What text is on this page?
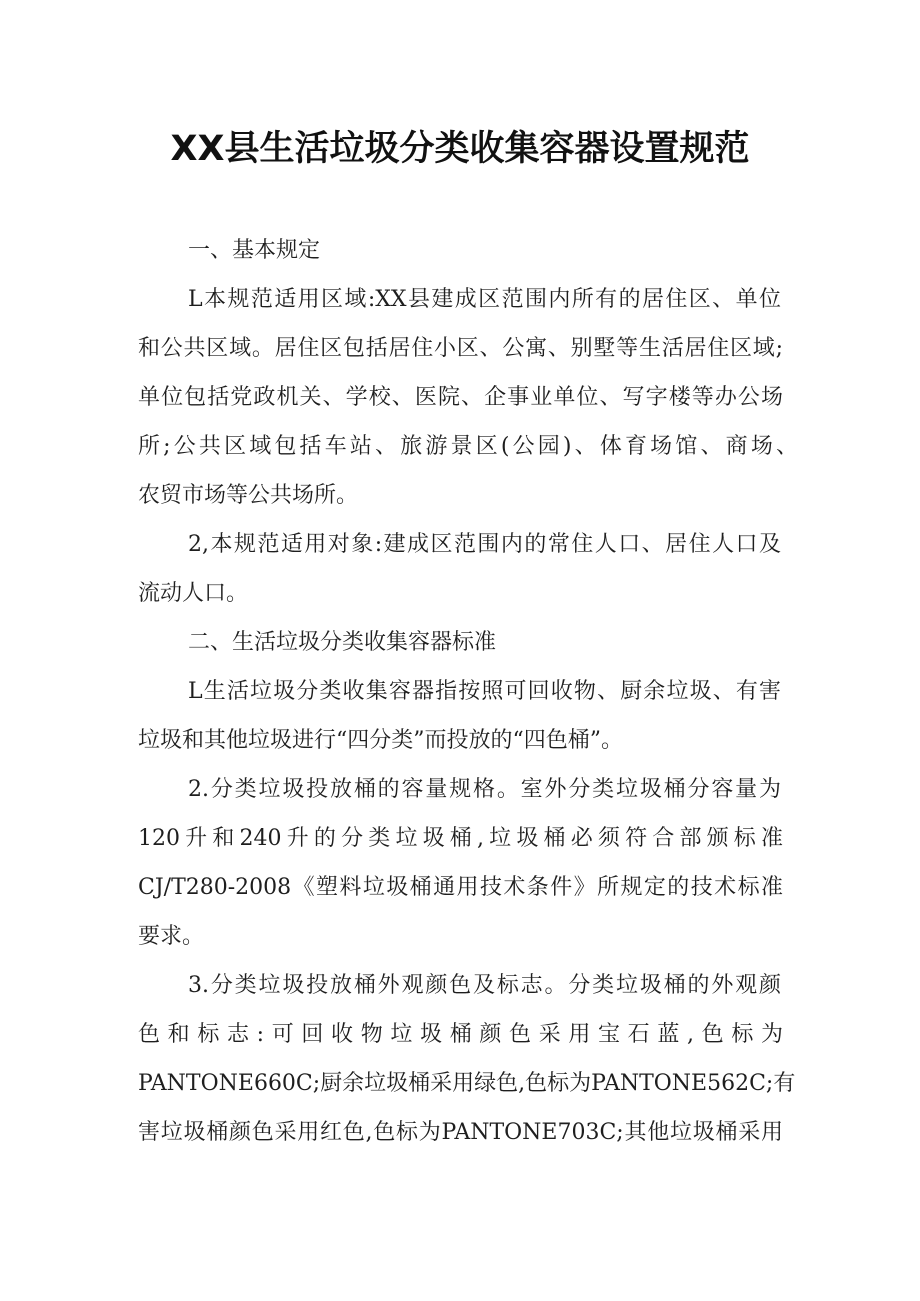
XX县生活垃圾分类收集容器设置规范
一、基本规定
L本规范适用区域:XX县建成区范围内所有的居住区、单位
和公共区域。居住区包括居住小区、公寓、别墅等生活居住区域;
单位包括党政机关、学校、医院、企事业单位、写字楼等办公场
所;公共区域包括车站、旅游景区(公园)、体育场馆、商场、
农贸市场等公共场所。
2,本规范适用对象:建成区范围内的常住人口、居住人口及
流动人口。
二、生活垃圾分类收集容器标准
L生活垃圾分类收集容器指按照可回收物、厨余垃圾、有害
垃圾和其他垃圾进行“四分类”而投放的“四色桶”。
2.分类垃圾投放桶的容量规格。室外分类垃圾桶分容量为
120升和240升的分类垃圾桶,垃圾桶必须符合部颁标准
CJ/T280-2008《塑料垃圾桶通用技术条件》所规定的技术标准
要求。
3.分类垃圾投放桶外观颜色及标志。分类垃圾桶的外观颜
色和标志:可回收物垃圾桶颜色采用宝石蓝,色标为
PANTONE660C;厨余垃圾桶采用绿色,色标为PANTONE562C;有
害垃圾桶颜色采用红色,色标为PANTONE703C;其他垃圾桶采用
